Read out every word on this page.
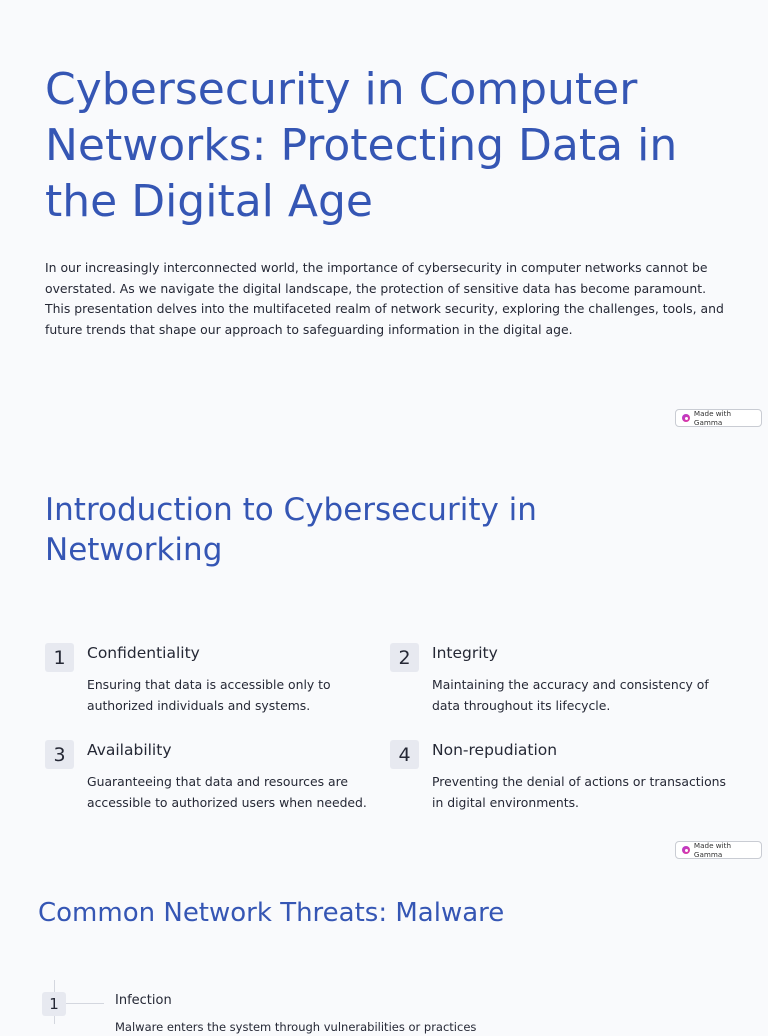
Cybersecurity in Computer Networks: Protecting Data in the Digital Age

In our increasingly interconnected world, the importance of cybersecurity in computer networks cannot be overstated. As we navigate the digital landscape, the protection of sensitive data has become paramount. This presentation delves into the multifaceted realm of network security, exploring the challenges, tools, and future trends that shape our approach to safeguarding information in the digital age.

Made with Gamma
Introduction to Cybersecurity in Networking
1	Confidentiality
Ensuring that data is accessible only to authorized individuals and systems.
2	Integrity
Maintaining the accuracy and consistency of data throughout its lifecycle.
3	Availability
Guaranteeing that data and resources are accessible to authorized users when needed.
4	Non-repudiation
Preventing the denial of actions or transactions in digital environments.
Made with Gamma
Common Network Threats: Malware
1	Infection
Malware enters the system through vulnerabilities or practices
